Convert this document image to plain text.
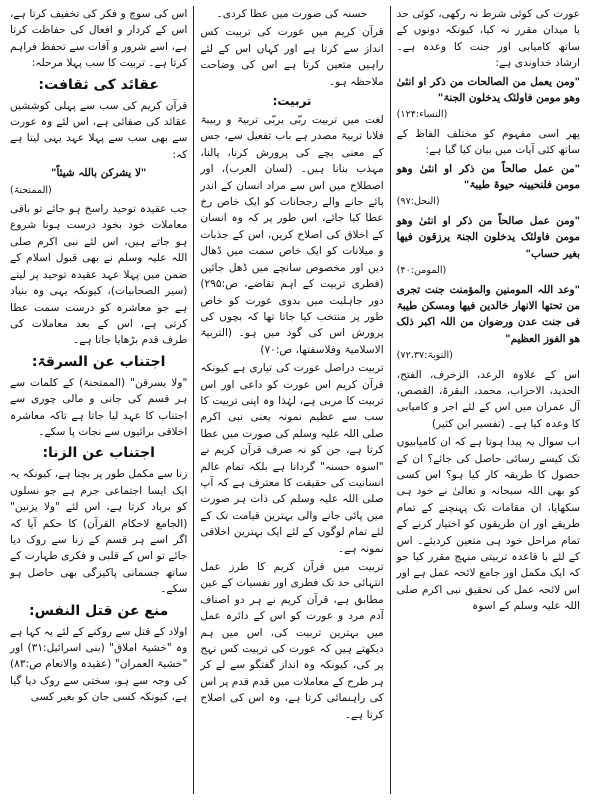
عورت کی کوئی شرط نہ رکھی، کوئی حد یا میدان مقرر نہ کیا، کیونکہ دونوں کے ساتھ کامیابی اور جنت کا وعدہ ہے۔ ارشاد خداوندی ہے:

"ومن یعمل من الصالحات من ذکر او انثیٰ وھو مومن فاولئک یدخلون الجنۃ"

(النساء:۱۲۴)

پھر اسی مفہوم کو مختلف الفاظ کے ساتھ کئی آیات میں بیان کیا گیا ہے:

"من عمل صالحاً من ذکر او انثیٰ وھو مومن فلنحیینہ حیوۃ طیبۃ"

(النحل:۹۷)

"ومن عمل صالحاً من ذکر او انثیٰ وھو مومن فاولئک یدخلون الجنۃ یرزقون فیھا بغیر حساب"

(المومن:۴۰)

"وعد اللہ المومنین والمؤمنت جنت تجری من تحتھا الانھار خالدین فیھا ومسکن طیبۃ فی جنت عدن ورضوان من اللہ اکبر ذلک ھو الفوز العظیم"

(التوبۃ:۷۲،۳۷)

اس کے علاوہ الرعد، الزخرف، الفتح، الحدید، الاحزاب، محمد، البقرۃ، القصص، آل عمران میں اس کے لئے اجر و کامیابی کا وعدہ کیا ہے۔ (تفسیر ابن کثیر)

اب سوال یہ پیدا ہوتا ہے کہ ان کامیابیوں تک کیسے رسائی حاصل کی جائے؟ ان کے حصول کا طریقہ کار کیا ہو؟ اس کسی کو بھی اللہ سبحانہ و تعالیٰ نے خود ہی سکھایا، ان مقامات تک پہنچنے کے تمام طریقے اور ان طریقوں کو اختیار کرنے کے تمام مراحل خود ہی متعین کردیئے۔ اس کے لئے با قاعدہ تربیتی منہج مقرر کیا جو کہ ایک مکمل اور جامع لائحہ عمل ہے اور اس لائحہ عمل کی تحقیق نبی اکرم صلی اللہ علیہ وسلم کے اسوہ

حسنہ کی صورت میں عطا کردی۔

قرآن کریم میں عورت کی تربیت کس انداز سے کرتا ہے اور کہاں اس کے لئے راہیں متعین کرتا ہے اس کی وضاحت ملاحظہ ہو۔

تربیت:

لغت میں تربیت ربّی یربّی تربیۃ و ربیبۃ فلانا تربیۃ مصدر ہے باب تفعیل سے، جس کے معنی بچے کی پرورش کرنا، پالنا، مہذب بنانا ہیں۔ (لسان العرب)، اور اصطلاح میں اس سے مراد انسان کے اندر پائے جانے والے رجحانات کو ایک خاص رخ عطا کیا جائے، اس طور پر کہ وہ انسان کے اخلاق کی اصلاح کریں، اس کے جذبات و میلانات کو ایک خاص سمت میں ڈھال دیں اور مخصوص سانچے میں ڈھل جائیں (فطری تربیت کے اہم تقاضے، ص:۲۹۵) دور جاہلیت میں بدوی عورت کو خاص طور پر منتخب کیا جاتا تھا کہ بچوں کی پرورش اس کی گود میں ہو۔ (التربیۃ الاسلامیۃ وفلاسفتھا، ص:۷۰)

تربیت دراصل عورت کی تیاری ہے کیونکہ قرآن کریم اس عورت کو داعی اور اس تربیت کا مربی ہے، لہٰذا وہ اپنی تربیت کا سب سے عظیم نمونہ یعنی نبی اکرم صلی اللہ علیہ وسلم کی صورت میں عطا کرتا ہے، جن کو نہ صرف قرآن کریم نے "اسوہ حسنہ" گردانا ہے بلکہ تمام عالم انسانیت کی حقیقت کا معترف ہے کہ آپ صلی اللہ علیہ وسلم کی ذات ہر صورت میں پائی جانے والی بہترین قیامت تک کے لئے تمام لوگوں کے لئے ایک بہترین اخلاقی نمونہ ہے۔

تربیت میں قرآن کریم کا طرز عمل انتہائی حد تک فطری اور نفسیات کے عین مطابق ہے، قرآن کریم نے ہر دو اصناف آدم مرد و عورت کو اس کے دائرہ عمل میں بہترین تربیت کی، اس میں ہم دیکھتے ہیں کہ عورت کی تربیت کس نہج پر کی، کیونکہ وہ انداز گفتگو سے لے کر ہر طرح کے معاملات میں قدم قدم پر اس کی راہنمائی کرتا ہے، وہ اس کی اصلاح کرتا ہے۔

اس کی سوچ و فکر کی تخفیف کرتا ہے، اس کے کردار و افعال کی حفاظت کرتا ہے، اسے شرور و آفات سے تحفظ فراہم کرتا ہے۔ تربیت کا سب پہلا مرحلہ:

عقائد کی ثقافت:

قرآن کریم کی سب سے پہلی کوششیں عقائد کی صفائی ہے، اس لئے وہ عورت سے بھی سب سے پہلا عہد یہی لیتا ہے کہ:

"لا یشرکن باللہ شیئاً"

(الممتحنۃ)

جب عقیدہ توحید راسخ ہو جائے تو باقی معاملات خود بخود درست ہونا شروع ہو جاتے ہیں، اس لئے نبی اکرم صلی اللہ علیہ وسلم نے بھی قبول اسلام کے ضمن میں پہلا عہد عقیدہ توحید پر لیتے (سیر الصحابیات)، کیونکہ یہی وہ بنیاد ہے جو معاشرہ کو درست سمت عطا کرتی ہے، اس کے بعد معاملات کی طرف قدم بڑھایا جاتا ہے۔

اجتناب عن السرقۃ:

"ولا یسرقن" (الممتحنۃ) کے کلمات سے ہر قسم کی جانی و مالی چوری سے اجتناب کا عہد لیا جاتا ہے تاکہ معاشرہ اخلاقی برائیوں سے نجات پا سکے۔

اجتناب عن الزنا:

زنا سے مکمل طور پر بچنا ہے، کیونکہ یہ ایک ایسا اجتماعی جرم ہے جو نسلوں کو برباد کرتا ہے، اس لئے "ولا یزنین" (الجامع لاحکام القرآن) کا حکم آیا کہ اگر اسے ہر قسم کے زنا سے روک دیا جائے تو اس کے قلبی و فکری طہارت کے ساتھ جسمانی پاکیزگی بھی حاصل ہو سکے۔

منع عن قتل النفس:

اولاد کے قتل سے روکنے کے لئے یہ کہا ہے وہ "خشیۃ املاق" (بنی اسرائیل:۳۱) اور "خشیۃ العمران" (عقیدہ والانعام ص:۸۳) کی وجہ سے ہو، سختی سے روک دیا گیا ہے، کیونکہ کسی جان کو بغیر کسی
